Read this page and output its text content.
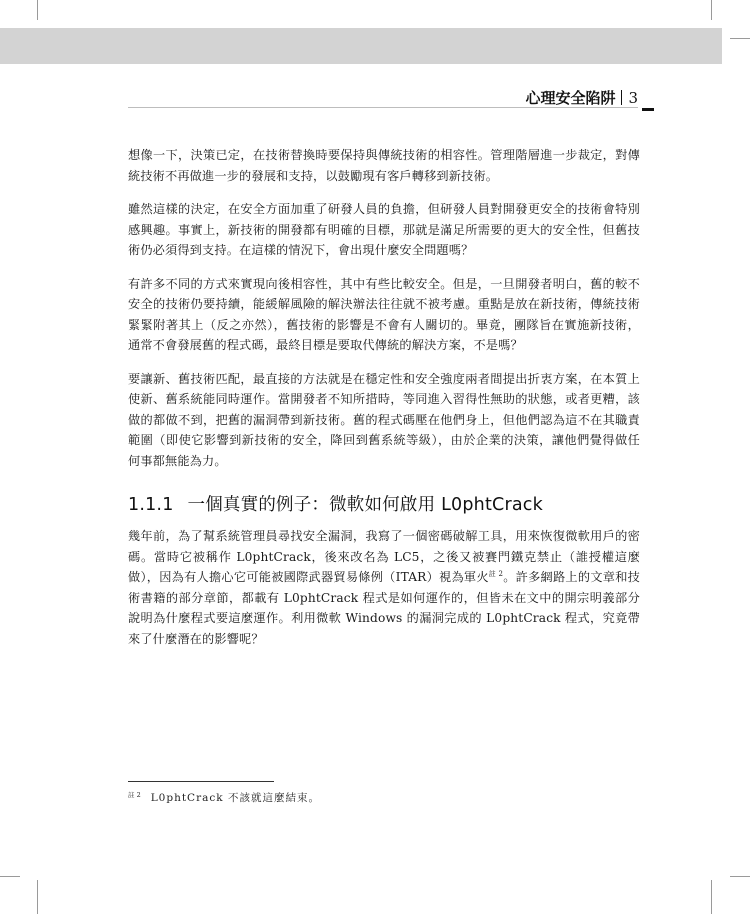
心理安全陷阱 3

想像一下，決策已定，在技術替換時要保持與傳統技術的相容性。管理階層進一步裁定，對傳統技術不再做進一步的發展和支持，以鼓勵現有客戶轉移到新技術。

雖然這樣的決定，在安全方面加重了研發人員的負擔，但研發人員對開發更安全的技術會特別感興趣。事實上，新技術的開發都有明確的目標，那就是滿足所需要的更大的安全性，但舊技術仍必須得到支持。在這樣的情況下，會出現什麼安全問題嗎？

有許多不同的方式來實現向後相容性，其中有些比較安全。但是，一旦開發者明白，舊的較不安全的技術仍要持續，能緩解風險的解決辦法往往就不被考慮。重點是放在新技術，傳統技術緊緊附著其上（反之亦然），舊技術的影響是不會有人關切的。畢竟，團隊旨在實施新技術，通常不會發展舊的程式碼，最終目標是要取代傳統的解決方案，不是嗎？

要讓新、舊技術匹配，最直接的方法就是在穩定性和安全強度兩者間提出折衷方案，在本質上使新、舊系統能同時運作。當開發者不知所措時，等同進入習得性無助的狀態，或者更糟，該做的都做不到，把舊的漏洞帶到新技術。舊的程式碼壓在他們身上，但他們認為這不在其職責範圍（即使它影響到新技術的安全，降回到舊系統等級），由於企業的決策，讓他們覺得做任何事都無能為力。

1.1.1 一個真實的例子：微軟如何啟用 L0phtCrack

幾年前，為了幫系統管理員尋找安全漏洞，我寫了一個密碼破解工具，用來恢復微軟用戶的密碼。當時它被稱作 L0phtCrack，後來改名為 LC5，之後又被賽門鐵克禁止（誰授權這麼做），因為有人擔心它可能被國際武器貿易條例（ITAR）視為軍火$^{註 2}$。許多網路上的文章和技術書籍的部分章節，都載有 L0phtCrack 程式是如何運作的，但皆未在文中的開宗明義部分說明為什麼程式要這麼運作。利用微軟 Windows 的漏洞完成的 L0phtCrack 程式，究竟帶來了什麼潛在的影響呢？

註 2 L0phtCrack 不該就這麼結束。
